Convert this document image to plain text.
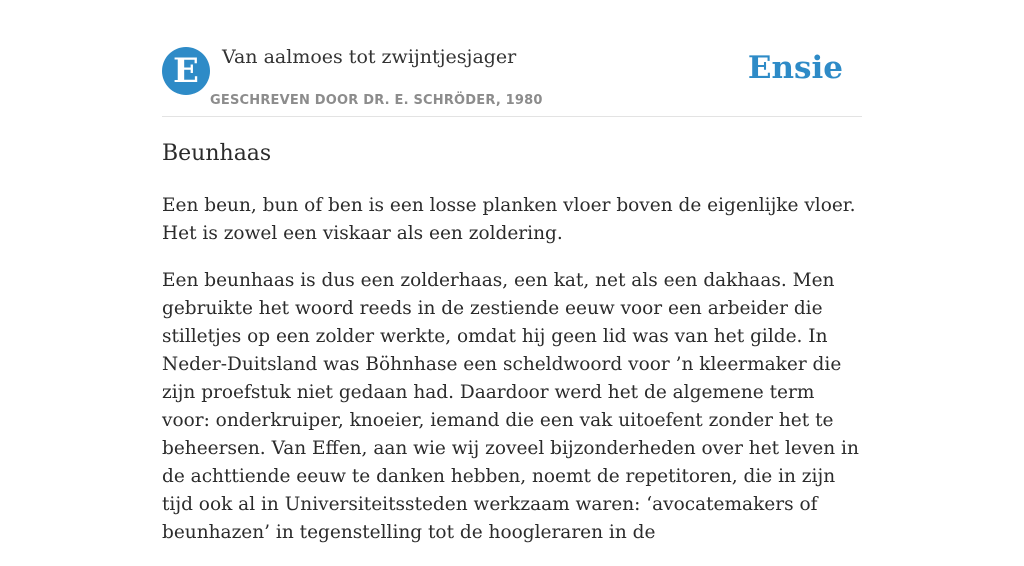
E	Van aalmoes tot zwijntjesjager
GESCHREVEN DOOR DR. E. SCHRÖDER, 1980
Ensie
Beunhaas

Een beun, bun of ben is een losse planken vloer boven de eigenlijke vloer. Het is zowel een viskaar als een zoldering.

Een beunhaas is dus een zolderhaas, een kat, net als een dakhaas. Men gebruikte het woord reeds in de zestiende eeuw voor een arbeider die stilletjes op een zolder werkte, omdat hij geen lid was van het gilde. In Neder-Duitsland was Böhnhase een scheldwoord voor ’n kleermaker die zijn proefstuk niet gedaan had. Daardoor werd het de algemene term voor: onderkruiper, knoeier, iemand die een vak uitoefent zonder het te beheersen. Van Effen, aan wie wij zoveel bijzonderheden over het leven in de achttiende eeuw te danken hebben, noemt de repetitoren, die in zijn tijd ook al in Universiteitssteden werkzaam waren: ‘avocatemakers of beunhazen’ in tegenstelling tot de hoogleraren in de
